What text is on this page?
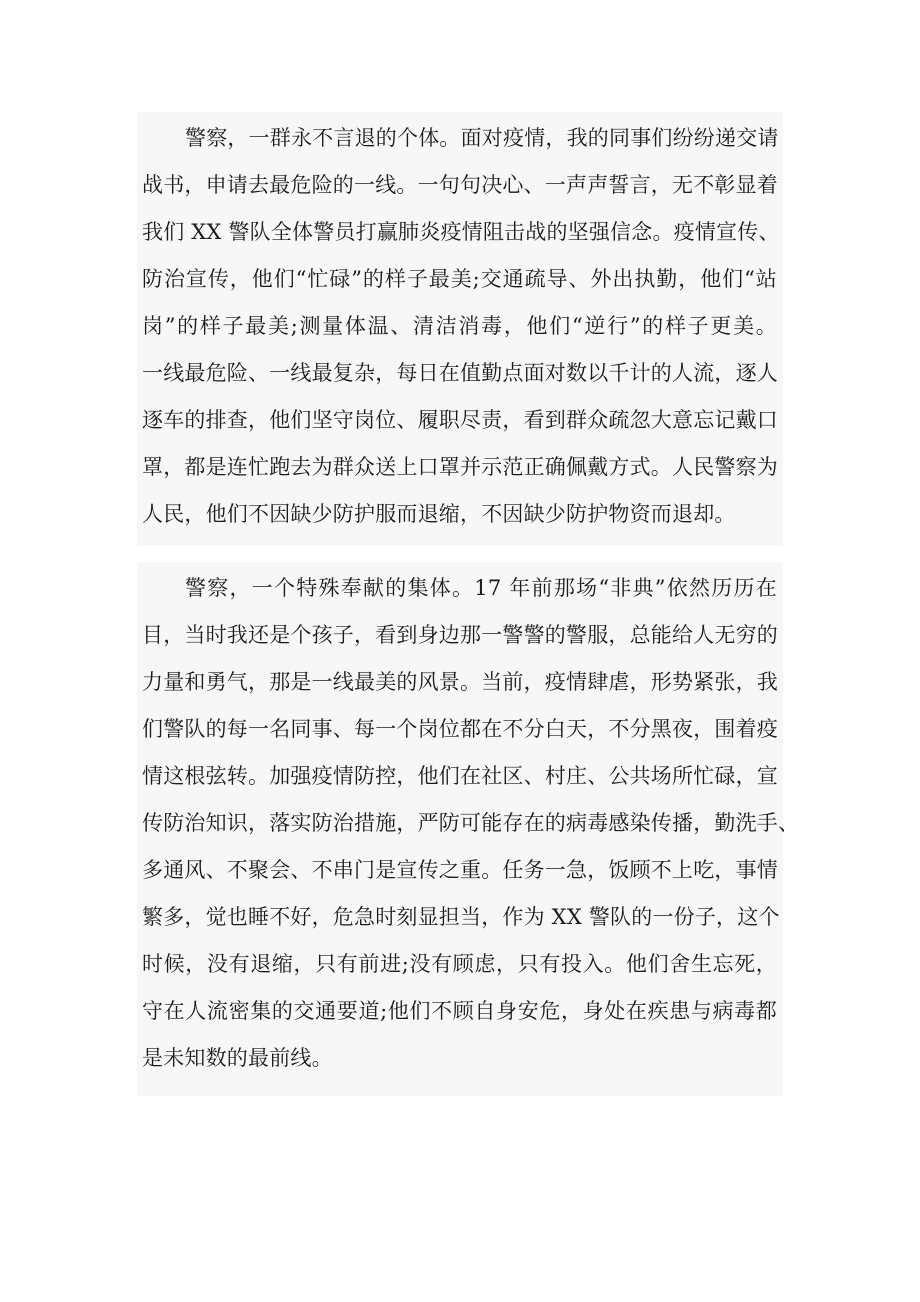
警察，一群永不言退的个体。面对疫情，我的同事们纷纷递交请
战书，申请去最危险的一线。一句句决心、一声声誓言，无不彰显着
我们 XX 警队全体警员打赢肺炎疫情阻击战的坚强信念。疫情宣传、
防治宣传，他们“忙碌”的样子最美;交通疏导、外出执勤，他们“站
岗”的样子最美;测量体温、清洁消毒，他们“逆行”的样子更美。
一线最危险、一线最复杂，每日在值勤点面对数以千计的人流，逐人
逐车的排查，他们坚守岗位、履职尽责，看到群众疏忽大意忘记戴口
罩，都是连忙跑去为群众送上口罩并示范正确佩戴方式。人民警察为
人民，他们不因缺少防护服而退缩，不因缺少防护物资而退却。
警察，一个特殊奉献的集体。17 年前那场“非典”依然历历在
目，当时我还是个孩子，看到身边那一警警的警服，总能给人无穷的
力量和勇气，那是一线最美的风景。当前，疫情肆虐，形势紧张，我
们警队的每一名同事、每一个岗位都在不分白天，不分黑夜，围着疫
情这根弦转。加强疫情防控，他们在社区、村庄、公共场所忙碌，宣
传防治知识，落实防治措施，严防可能存在的病毒感染传播，勤洗手、
多通风、不聚会、不串门是宣传之重。任务一急，饭顾不上吃，事情
繁多，觉也睡不好，危急时刻显担当，作为 XX 警队的一份子，这个
时候，没有退缩，只有前进;没有顾虑，只有投入。他们舍生忘死，
守在人流密集的交通要道;他们不顾自身安危，身处在疾患与病毒都
是未知数的最前线。
